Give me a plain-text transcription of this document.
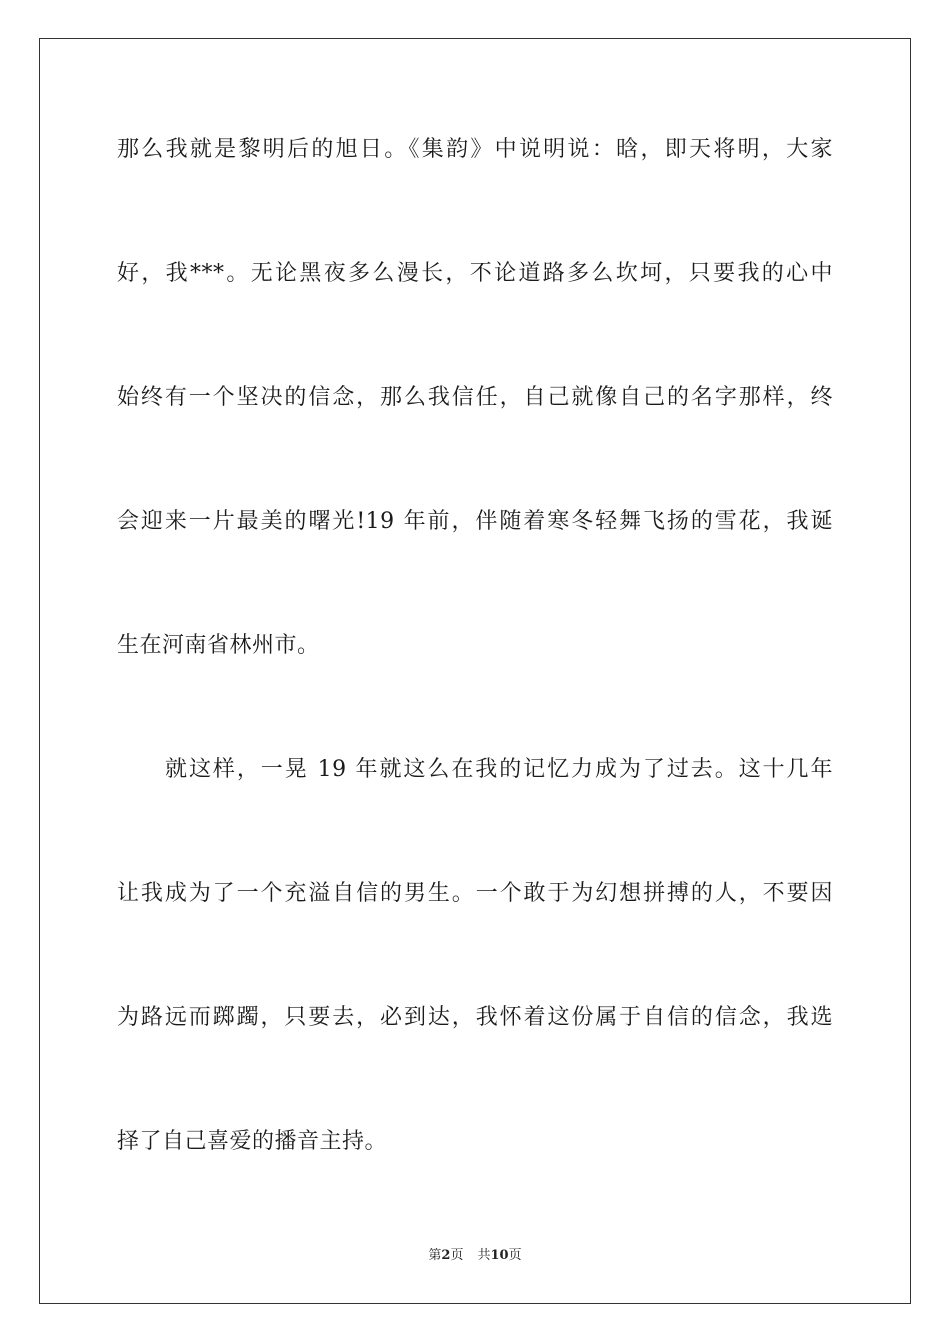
那么我就是黎明后的旭日。《集韵》中说明说：晗，即天将明，大家

好，我***。无论黑夜多么漫长，不论道路多么坎坷，只要我的心中

始终有一个坚决的信念，那么我信任，自己就像自己的名字那样，终

会迎来一片最美的曙光!19 年前，伴随着寒冬轻舞飞扬的雪花，我诞

生在河南省林州市。

就这样，一晃 19 年就这么在我的记忆力成为了过去。这十几年

让我成为了一个充溢自信的男生。一个敢于为幻想拼搏的人，不要因

为路远而踯躅，只要去，必到达，我怀着这份属于自信的信念，我选

择了自己喜爱的播音主持。

第2页 共10页
